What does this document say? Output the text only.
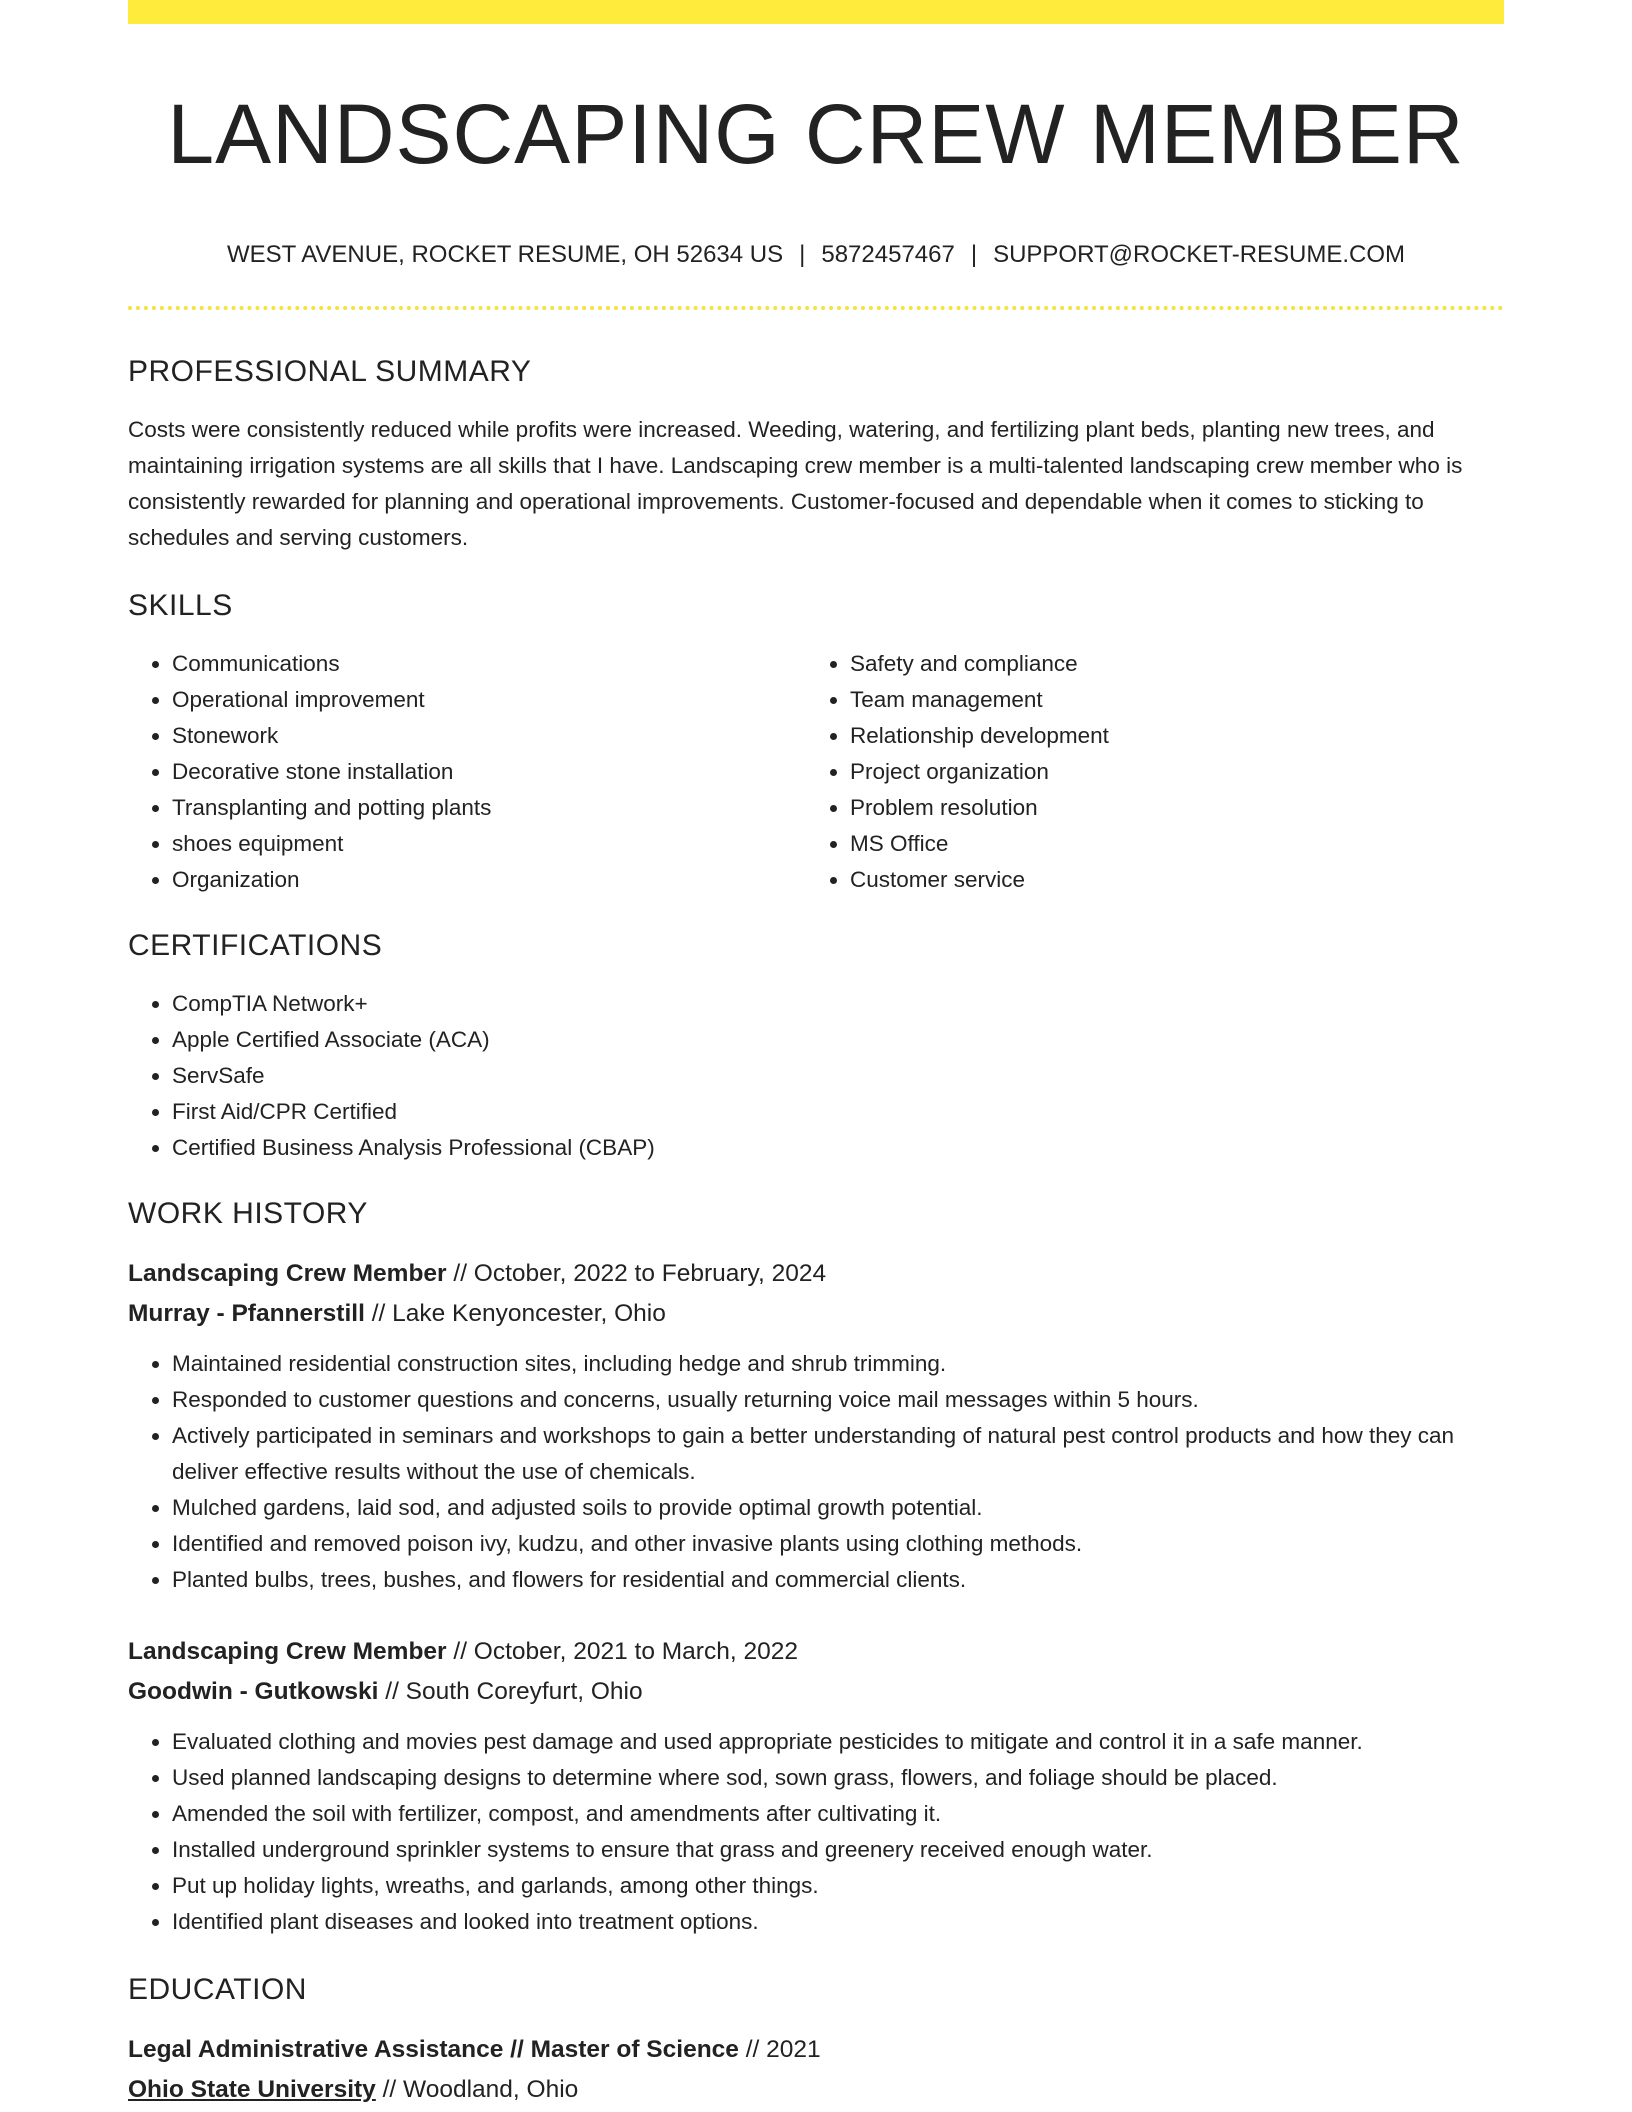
LANDSCAPING CREW MEMBER
WEST AVENUE, ROCKET RESUME, OH 52634 US | 5872457467 | SUPPORT@ROCKET-RESUME.COM
PROFESSIONAL SUMMARY

Costs were consistently reduced while profits were increased. Weeding, watering, and fertilizing plant beds, planting new trees, and maintaining irrigation systems are all skills that I have. Landscaping crew member is a multi-talented landscaping crew member who is consistently rewarded for planning and operational improvements. Customer-focused and dependable when it comes to sticking to schedules and serving customers.

SKILLS
• Communications
• Operational improvement
• Stonework
• Decorative stone installation
• Transplanting and potting plants
• shoes equipment
• Organization
• Safety and compliance
• Team management
• Relationship development
• Project organization
• Problem resolution
• MS Office
• Customer service
CERTIFICATIONS
• CompTIA Network+
• Apple Certified Associate (ACA)
• ServSafe
• First Aid/CPR Certified
• Certified Business Analysis Professional (CBAP)
WORK HISTORY
Landscaping Crew Member // October, 2022 to February, 2024
Murray - Pfannerstill // Lake Kenyoncester, Ohio
• Maintained residential construction sites, including hedge and shrub trimming.
• Responded to customer questions and concerns, usually returning voice mail messages within 5 hours.
• Actively participated in seminars and workshops to gain a better understanding of natural pest control products and how they can deliver effective results without the use of chemicals.
• Mulched gardens, laid sod, and adjusted soils to provide optimal growth potential.
• Identified and removed poison ivy, kudzu, and other invasive plants using clothing methods.
• Planted bulbs, trees, bushes, and flowers for residential and commercial clients.
Landscaping Crew Member // October, 2021 to March, 2022
Goodwin - Gutkowski // South Coreyfurt, Ohio
• Evaluated clothing and movies pest damage and used appropriate pesticides to mitigate and control it in a safe manner.
• Used planned landscaping designs to determine where sod, sown grass, flowers, and foliage should be placed.
• Amended the soil with fertilizer, compost, and amendments after cultivating it.
• Installed underground sprinkler systems to ensure that grass and greenery received enough water.
• Put up holiday lights, wreaths, and garlands, among other things.
• Identified plant diseases and looked into treatment options.
EDUCATION
Legal Administrative Assistance // Master of Science // 2021
Ohio State University // Woodland, Ohio
